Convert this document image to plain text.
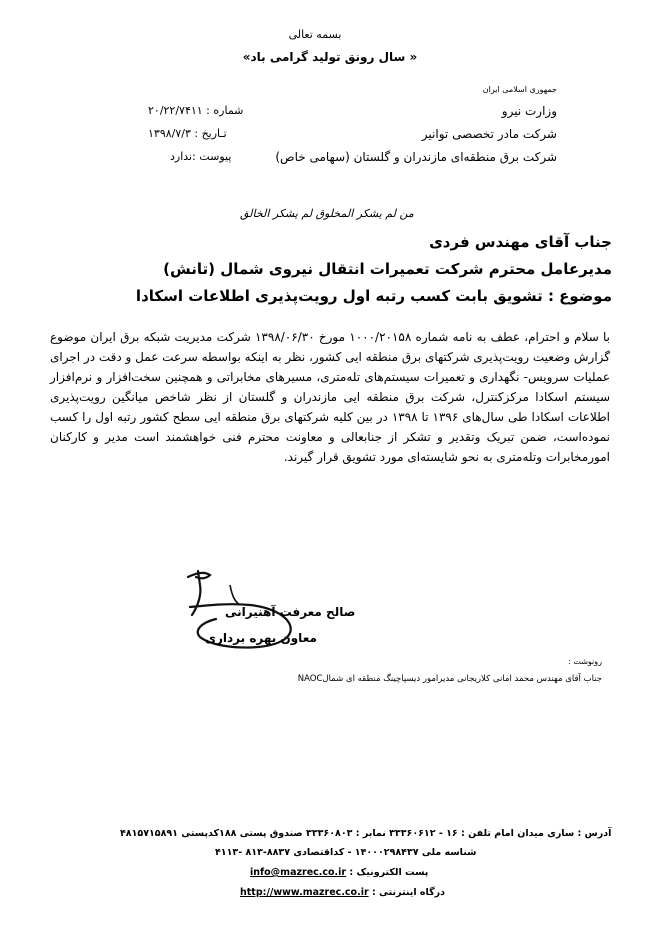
بسمه تعالی
« سال رونق تولید گرامی باد»
جمهوری اسلامی ایران
وزارت نیرو
شرکت مادر تخصصی توانیر
شرکت برق منطقه‌ای مازندران و گلستان (سهامی خاص)
شماره : ۲۰/۲۲/۷۴۱۱
تـاریخ : ۱۳۹۸/۷/۳
پیوست :ندارد
من لم یشکر المخلوق لم یشکر الخالق
جناب آقای مهندس فردی
مدیرعامل محترم شرکت تعمیرات انتقال نیروی شمال (تانش)
موضوع : تشویق بابت کسب رتبه اول رویت‌پذیری اطلاعات اسکادا
با سلام و احترام، عطف به نامه شماره ۱۰۰۰/۲۰۱۵۸ مورخ ۱۳۹۸/۰۶/۳۰ شرکت مدیریت شبکه برق ایران موضوع گزارش وضعیت رویت‌پذیری شرکتهای برق منطقه ایی کشور، نظر به اینکه بواسطه سرعت عمل و دقت در اجرای عملیات سرویس- نگهداری و تعمیرات سیستم‌های تله‌متری، مسیرهای مخابراتی و همچنین سخت‌افزار و نرم‌افزار سیستم اسکادا مرکزکنترل، شرکت برق منطقه ایی مازندران و گلستان از نظر شاخص میانگین رویت‌پذیری اطلاعات اسکادا طی سال‌های ۱۳۹۶ تا ۱۳۹۸ در بین کلیه شرکتهای برق منطقه ایی سطح کشور رتبه اول را کسب نموده‌است، ضمن تبریک وتقدیر و تشکر از جنابعالی و معاونت محترم فنی خواهشمند است مدیر و کارکنان امورمخابرات وتله‌متری به نحو شایسته‌ای مورد تشویق قرار گیرند.
صالح معرفت آهنیرانی
معاون بهره برداری
رونوشت :
جناب آقای مهندس محمد امانی کلاریجانی مدیرامور دیسپاچینگ منطقه ای شمالNAOC
آدرس : ساری میدان امام تلفن : ۱۶ - ۳۳۳۶۰۶۱۲ نمابر : ۳۳۳۶۰۸۰۳ صندوق پستی ۱۸۸کدپستی ۴۸۱۵۷۱۵۸۹۱
شناسه ملی ۱۴۰۰۰۲۹۸۴۳۷ - کداقتصادی ۸۸۳۷-۸۱۳ -۴۱۱۳
پست الکترونیک : info@mazrec.co.ir
درگاه اینترنتی : http://www.mazrec.co.ir
